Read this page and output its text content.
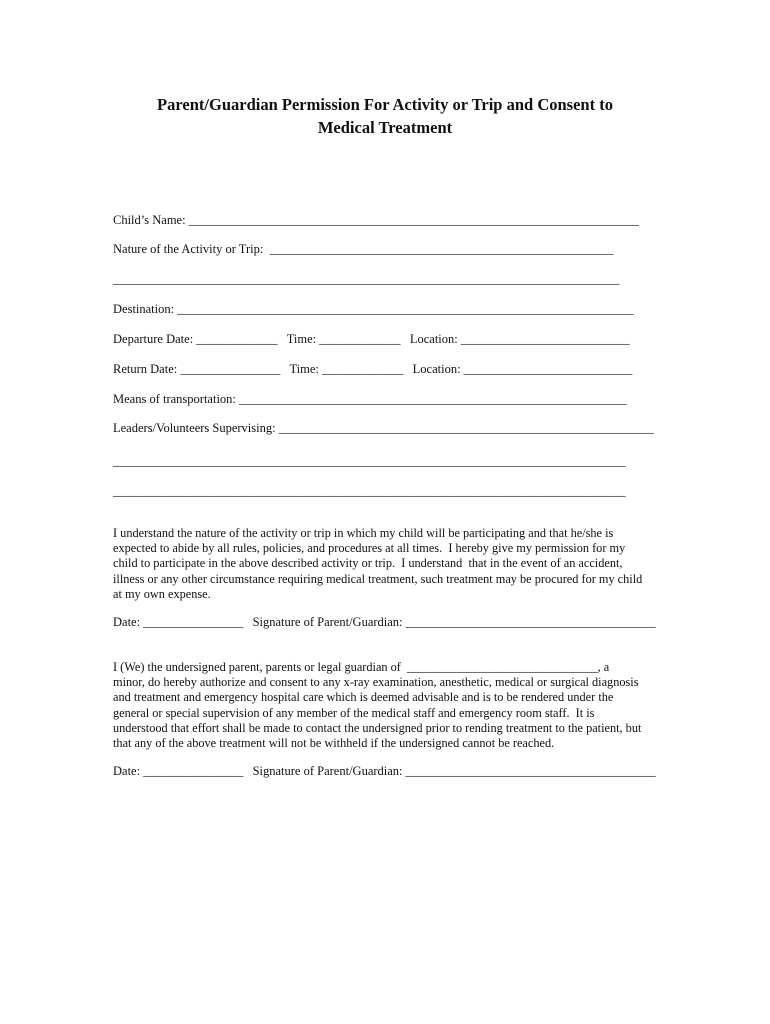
Parent/Guardian Permission For Activity or Trip and Consent to
Medical Treatment
Child’s Name: ________________________________________________________________________
Nature of the Activity or Trip:  _______________________________________________________
_________________________________________________________________________________
Destination: _________________________________________________________________________
Departure Date: _____________   Time: _____________   Location: ___________________________
Return Date: ________________   Time: _____________   Location: ___________________________
Means of transportation: ______________________________________________________________
Leaders/Volunteers Supervising: ____________________________________________________________
__________________________________________________________________________________
__________________________________________________________________________________
I understand the nature of the activity or trip in which my child will be participating and that he/she is
expected to abide by all rules, policies, and procedures at all times.  I hereby give my permission for my
child to participate in the above described activity or trip.  I understand  that in the event of an accident,
illness or any other circumstance requiring medical treatment, such treatment may be procured for my child
at my own expense.
Date: ________________   Signature of Parent/Guardian: ________________________________________
I (We) the undersigned parent, parents or legal guardian of  _______________________________, a
minor, do hereby authorize and consent to any x-ray examination, anesthetic, medical or surgical diagnosis
and treatment and emergency hospital care which is deemed advisable and is to be rendered under the
general or special supervision of any member of the medical staff and emergency room staff.  It is
understood that effort shall be made to contact the undersigned prior to rending treatment to the patient, but
that any of the above treatment will not be withheld if the undersigned cannot be reached.
Date: ________________   Signature of Parent/Guardian: ________________________________________
